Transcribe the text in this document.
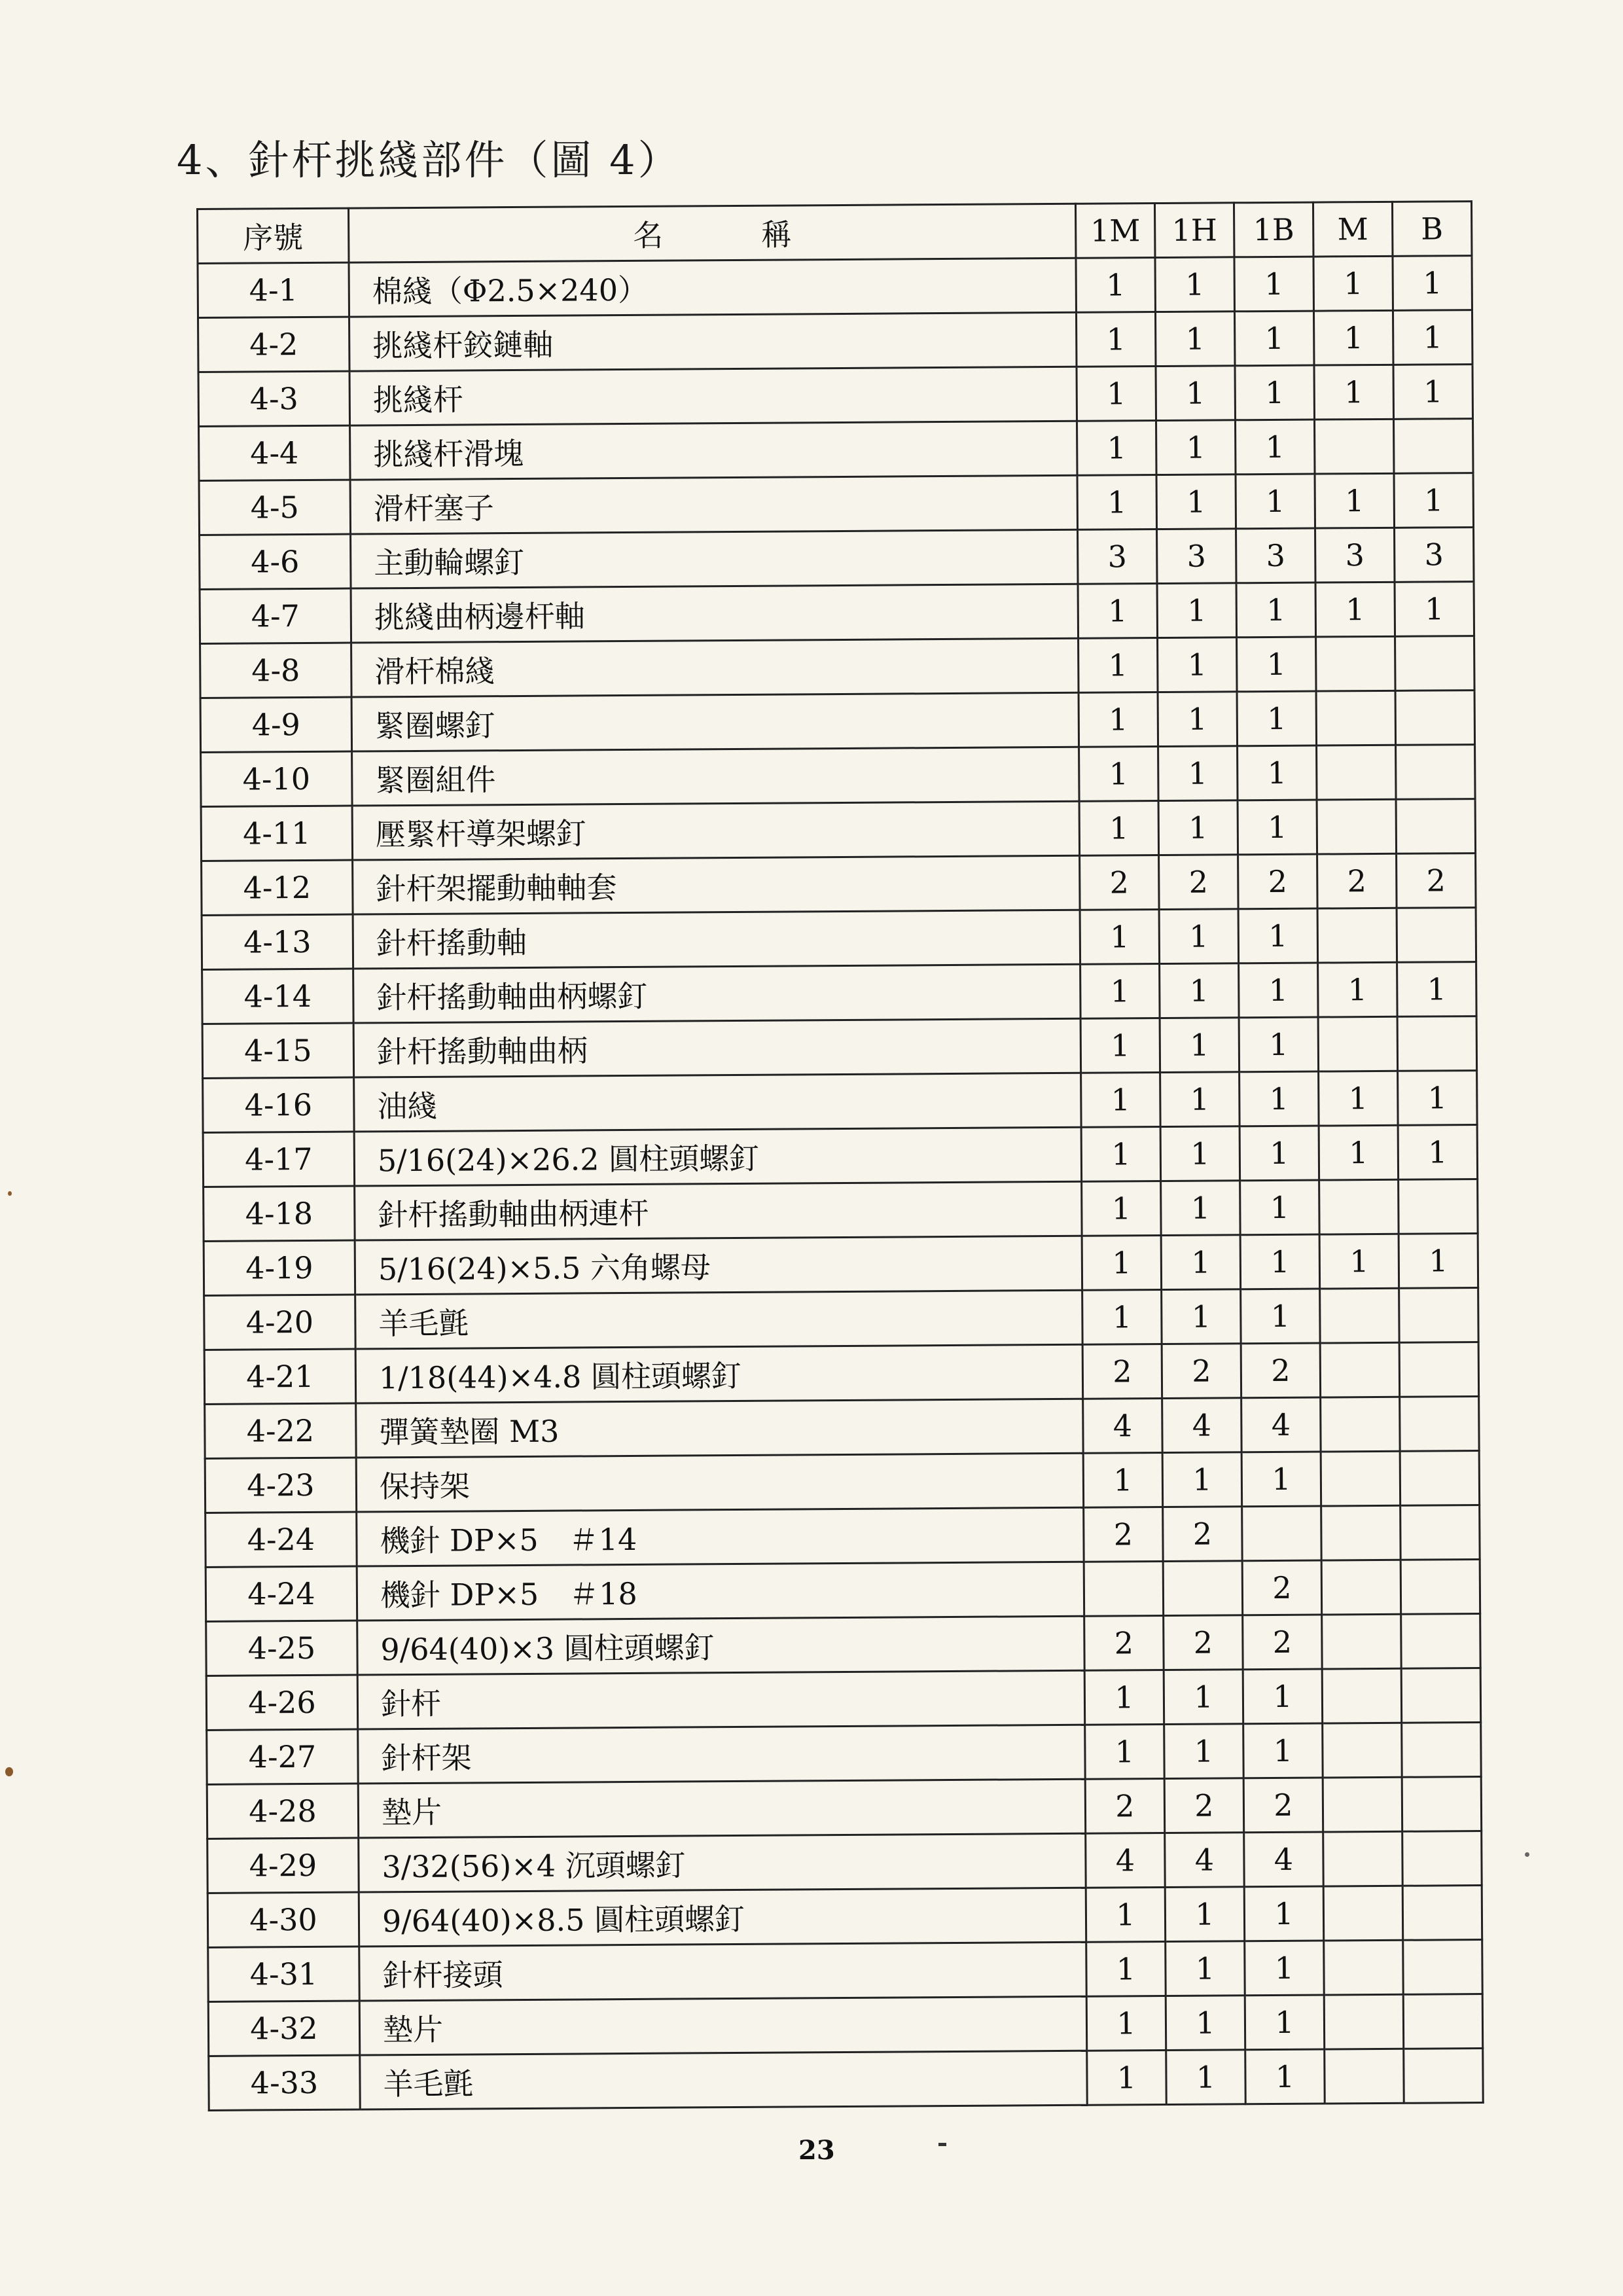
4、針杆挑綫部件（圖 4）
序號	名稱	1M	1H	1B	M	B
4-1	棉綫（Φ2.5×240）	1	1	1	1	1
4-2	挑綫杆鉸鏈軸	1	1	1	1	1
4-3	挑綫杆	1	1	1	1	1
4-4	挑綫杆滑塊	1	1	1		
4-5	滑杆塞子	1	1	1	1	1
4-6	主動輪螺釘	3	3	3	3	3
4-7	挑綫曲柄邊杆軸	1	1	1	1	1
4-8	滑杆棉綫	1	1	1		
4-9	緊圈螺釘	1	1	1		
4-10	緊圈組件	1	1	1		
4-11	壓緊杆導架螺釘	1	1	1		
4-12	針杆架擺動軸軸套	2	2	2	2	2
4-13	針杆搖動軸	1	1	1		
4-14	針杆搖動軸曲柄螺釘	1	1	1	1	1
4-15	針杆搖動軸曲柄	1	1	1		
4-16	油綫	1	1	1	1	1
4-17	5/16(24)×26.2 圓柱頭螺釘	1	1	1	1	1
4-18	針杆搖動軸曲柄連杆	1	1	1		
4-19	5/16(24)×5.5 六角螺母	1	1	1	1	1
4-20	羊毛氈	1	1	1		
4-21	1/18(44)×4.8 圓柱頭螺釘	2	2	2		
4-22	彈簧墊圈 M3	4	4	4		
4-23	保持架	1	1	1		
4-24	機針 DP×5　＃14	2	2			
4-24	機針 DP×5　＃18			2		
4-25	9/64(40)×3 圓柱頭螺釘	2	2	2		
4-26	針杆	1	1	1		
4-27	針杆架	1	1	1		
4-28	墊片	2	2	2		
4-29	3/32(56)×4 沉頭螺釘	4	4	4		
4-30	9/64(40)×8.5 圓柱頭螺釘	1	1	1		
4-31	針杆接頭	1	1	1		
4-32	墊片	1	1	1		
4-33	羊毛氈	1	1	1		
23
